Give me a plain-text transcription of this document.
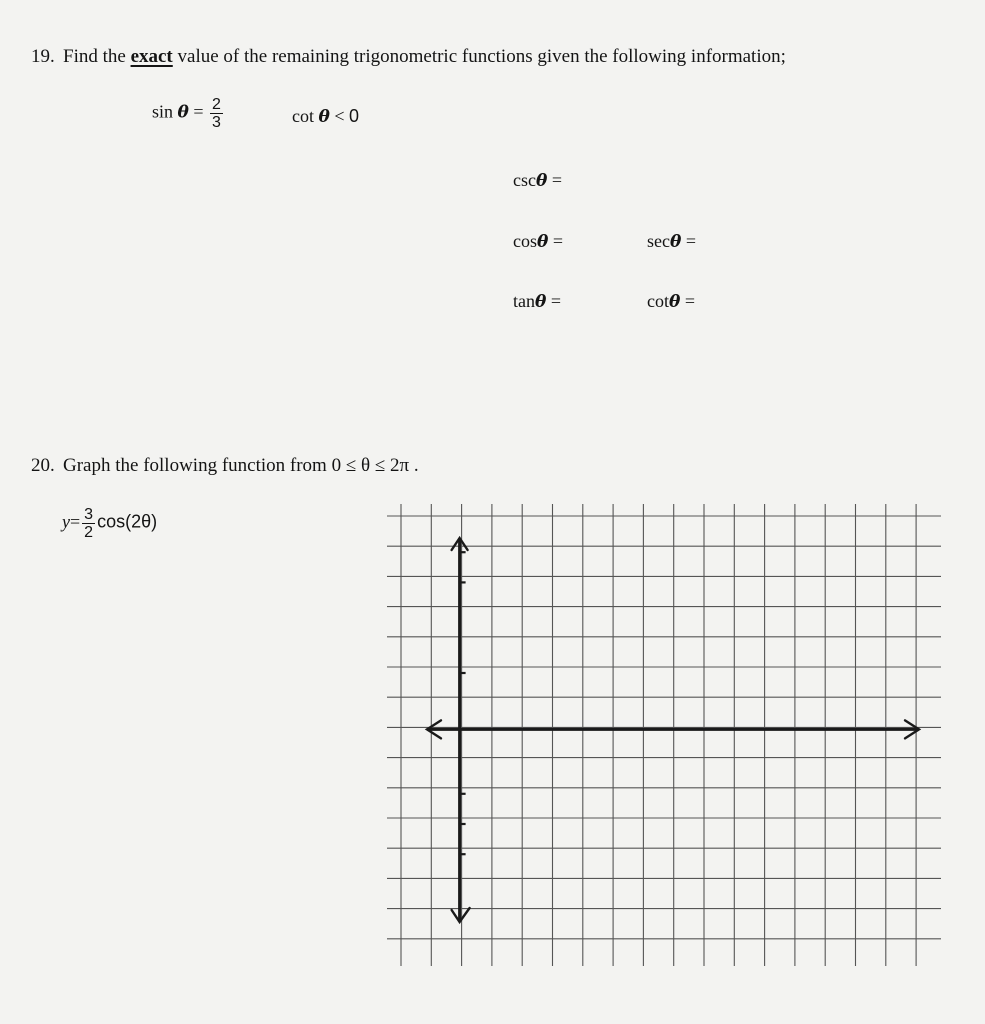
19. Find the exact value of the remaining trigonometric functions given the following information;
$\sin \theta = \frac{2}{3}$	cot θ < 0
cscθ =
cosθ =	secθ =
tanθ =	cotθ =
20. Graph the following function from 0 ≤ θ ≤ 2π .
$y= \frac{3}{2} \cos(2\theta)$
